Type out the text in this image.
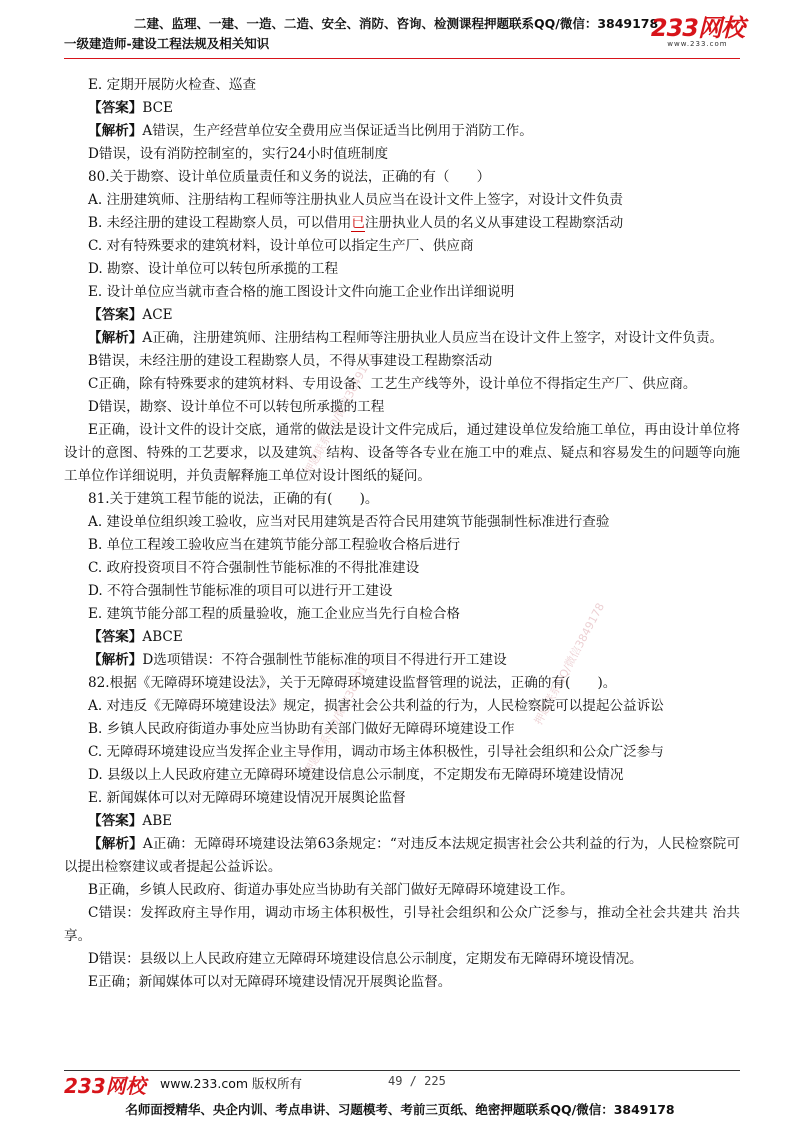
二建、监理、一建、一造、二造、安全、消防、咨询、检测课程押题联系QQ/微信：3849178
一级建造师-建设工程法规及相关知识
233网校
www.233.com
押题联系QQ/微信3849178
押题联系QQ/微信3849178
押题联系QQ/微信3849178
E. 定期开展防火检查、巡查
【答案】BCE
【解析】A错误，生产经营单位安全费用应当保证适当比例用于消防工作。
D错误，设有消防控制室的，实行24小时值班制度
80.关于勘察、设计单位质量责任和义务的说法，正确的有（　　）
A. 注册建筑师、注册结构工程师等注册执业人员应当在设计文件上签字，对设计文件负责
B. 未经注册的建设工程勘察人员，可以借用已注册执业人员的名义从事建设工程勘察活动
C. 对有特殊要求的建筑材料，设计单位可以指定生产厂、供应商
D. 勘察、设计单位可以转包所承揽的工程
E. 设计单位应当就市查合格的施工图设计文件向施工企业作出详细说明
【答案】ACE
【解析】A正确，注册建筑师、注册结构工程师等注册执业人员应当在设计文件上签字，对设计文件负责。
B错误，未经注册的建设工程勘察人员，不得从事建设工程勘察活动
C正确，除有特殊要求的建筑材料、专用设备、工艺生产线等外，设计单位不得指定生产厂、供应商。
D错误，勘察、设计单位不可以转包所承揽的工程
E正确，设计文件的设计交底，通常的做法是设计文件完成后，通过建设单位发给施工单位，再由设计单位将设计的意图、特殊的工艺要求，以及建筑、结构、设备等各专业在施工中的难点、疑点和容易发生的问题等向施工单位作详细说明，并负责解释施工单位对设计图纸的疑问。
81.关于建筑工程节能的说法，正确的有(　　)。
A. 建设单位组织竣工验收，应当对民用建筑是否符合民用建筑节能强制性标准进行查验
B. 单位工程竣工验收应当在建筑节能分部工程验收合格后进行
C. 政府投资项目不符合强制性节能标准的不得批准建设
D. 不符合强制性节能标准的项目可以进行开工建设
E. 建筑节能分部工程的质量验收，施工企业应当先行自检合格
【答案】ABCE
【解析】D选项错误：不符合强制性节能标准的项目不得进行开工建设
82.根据《无障碍环境建设法》，关于无障碍环境建设监督管理的说法，正确的有(　　)。
A. 对违反《无障碍环境建设法》规定，损害社会公共利益的行为，人民检察院可以提起公益诉讼
B. 乡镇人民政府街道办事处应当协助有关部门做好无障碍环境建设工作
C. 无障碍环境建设应当发挥企业主导作用，调动市场主体积极性，引导社会组织和公众广泛参与
D. 县级以上人民政府建立无障碍环境建设信息公示制度，不定期发布无障碍环境建设情况
E. 新闻媒体可以对无障碍环境建设情况开展舆论监督
【答案】ABE
【解析】A正确：无障碍环境建设法第63条规定：“对违反本法规定损害社会公共利益的行为，人民检察院可以提出检察建议或者提起公益诉讼。
B正确，乡镇人民政府、街道办事处应当协助有关部门做好无障碍环境建设工作。
C错误：发挥政府主导作用，调动市场主体积极性，引导社会组织和公众广泛参与，推动全社会共建共 治共享。
D错误：县级以上人民政府建立无障碍环境建设信息公示制度，定期发布无障碍环境设情况。
E正确；新闻媒体可以对无障碍环境建设情况开展舆论监督。
233网校 www.233.com 版权所有	49 / 225
名师面授精华、央企内训、考点串讲、习题模考、考前三页纸、绝密押题联系QQ/微信：3849178
